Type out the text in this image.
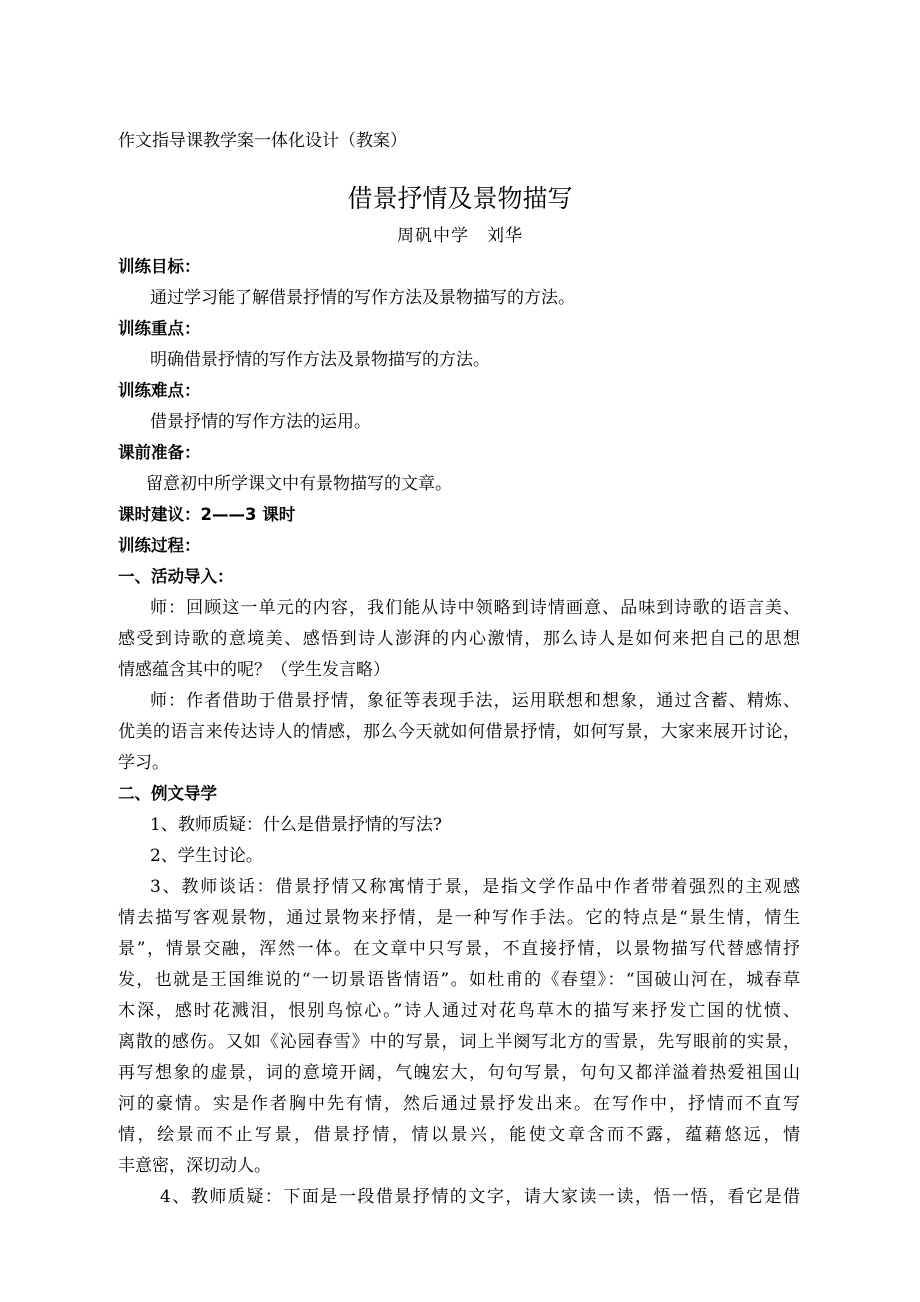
作文指导课教学案一体化设计（教案）
借景抒情及景物描写
周矾中学　刘华
训练目标：
通过学习能了解借景抒情的写作方法及景物描写的方法。
训练重点：
明确借景抒情的写作方法及景物描写的方法。
训练难点：
借景抒情的写作方法的运用。
课前准备：
留意初中所学课文中有景物描写的文章。
课时建议：2——3 课时
训练过程：
一、活动导入：
师：回顾这一单元的内容，我们能从诗中领略到诗情画意、品味到诗歌的语言美、
感受到诗歌的意境美、感悟到诗人澎湃的内心激情，那么诗人是如何来把自己的思想
情感蕴含其中的呢？（学生发言略）
师：作者借助于借景抒情，象征等表现手法，运用联想和想象，通过含蓄、精炼、
优美的语言来传达诗人的情感，那么今天就如何借景抒情，如何写景，大家来展开讨论，
学习。
二、例文导学
1、教师质疑：什么是借景抒情的写法?
2、学生讨论。
3、教师谈话：借景抒情又称寓情于景，是指文学作品中作者带着强烈的主观感
情去描写客观景物，通过景物来抒情，是一种写作手法。它的特点是“景生情，情生
景”，情景交融，浑然一体。在文章中只写景，不直接抒情，以景物描写代替感情抒
发，也就是王国维说的“一切景语皆情语”。如杜甫的《春望》：“国破山河在，城春草
木深，感时花溅泪，恨别鸟惊心。”诗人通过对花鸟草木的描写来抒发亡国的忧愤、
离散的感伤。又如《沁园春雪》中的写景，词上半阕写北方的雪景，先写眼前的实景，
再写想象的虚景，词的意境开阔，气魄宏大，句句写景，句句又都洋溢着热爱祖国山
河的豪情。实是作者胸中先有情，然后通过景抒发出来。在写作中，抒情而不直写
情，绘景而不止写景，借景抒情，情以景兴，能使文章含而不露，蕴藉悠远，情
丰意密，深切动人。
4、教师质疑：下面是一段借景抒情的文字，请大家读一读，悟一悟，看它是借
